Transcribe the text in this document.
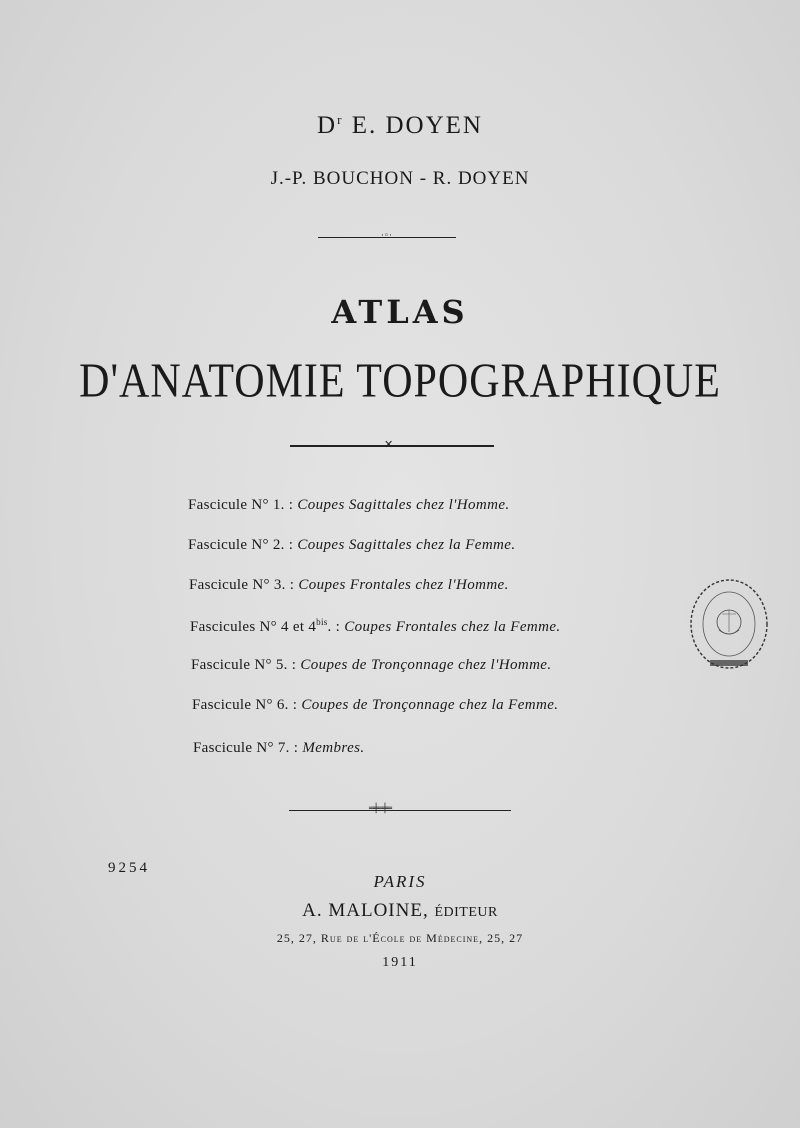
$D^r$ E. DOYEN
J.-P. BOUCHON - R. DOYEN
·◦·
ATLAS
D'ANATOMIE TOPOGRAPHIQUE
✕
Fascicule N° 1. : Coupes Sagittales chez l'Homme.
Fascicule N° 2. : Coupes Sagittales chez la Femme.
Fascicule N° 3. : Coupes Frontales chez l'Homme.
Fascicules N° 4 et $4^{bis}$. : Coupes Frontales chez la Femme.
Fascicule N° 5. : Coupes de Tronçonnage chez l'Homme.
Fascicule N° 6. : Coupes de Tronçonnage chez la Femme.
Fascicule N° 7. : Membres.
═╪═╪═
9254
PARIS
A. MALOINE, ÉDITEUR
25, 27, Rue de l'École de Médecine, 25, 27
1911
